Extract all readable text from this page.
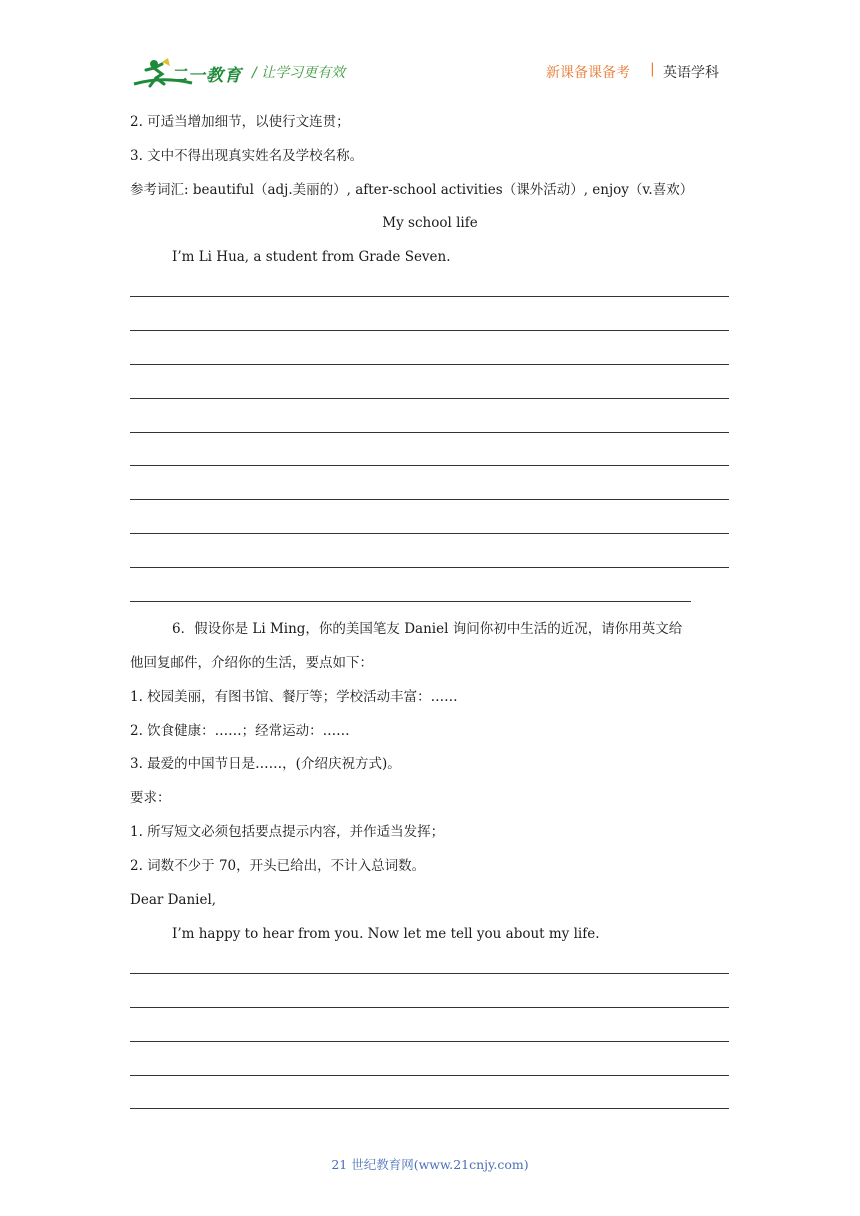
二一教育 / 让学习更有效	新课备课备考 | 英语学科
2. 可适当增加细节，以使行文连贯；
3. 文中不得出现真实姓名及学校名称。
参考词汇: beautiful（adj.美丽的）, after-school activities（课外活动）, enjoy（v.喜欢）
My school life
I’m Li Hua, a student from Grade Seven.
6．假设你是 Li Ming，你的美国笔友 Daniel 询问你初中生活的近况，请你用英文给
他回复邮件，介绍你的生活，要点如下：
1. 校园美丽，有图书馆、餐厅等；学校活动丰富：……
2. 饮食健康：……；经常运动：……
3. 最爱的中国节日是……，(介绍庆祝方式)。
要求：
1. 所写短文必须包括要点提示内容，并作适当发挥；
2. 词数不少于 70，开头已给出，不计入总词数。
Dear Daniel,
I’m happy to hear from you. Now let me tell you about my life.
21 世纪教育网(www.21cnjy.com)
